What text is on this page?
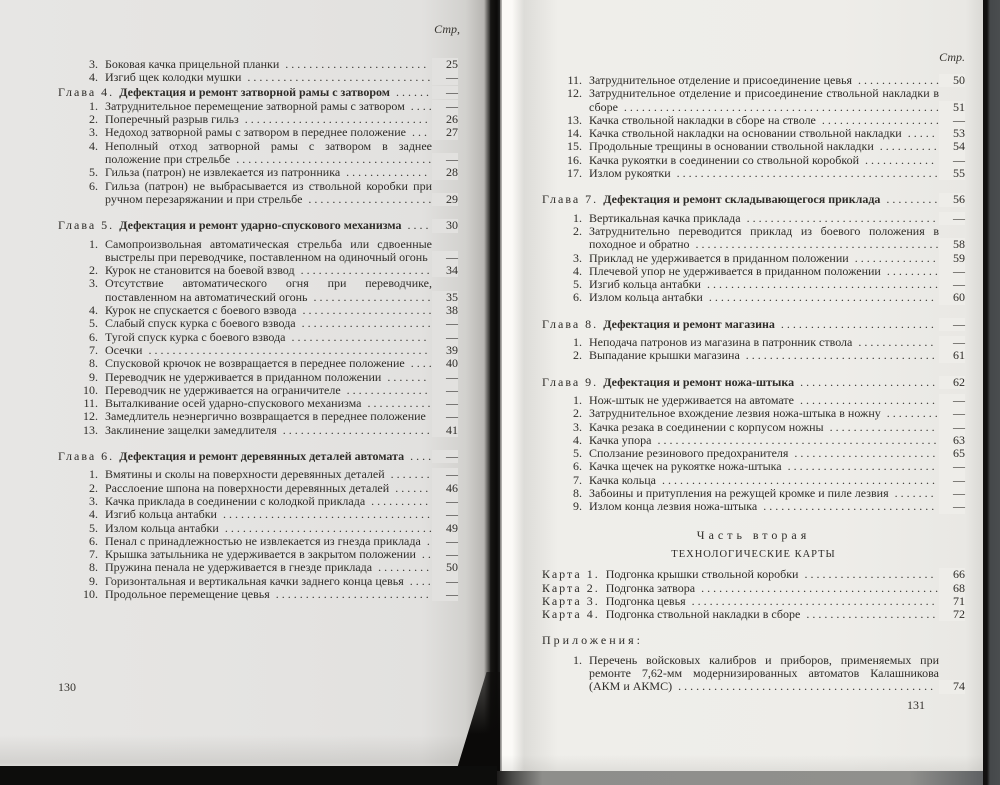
Стр,
3. Боковая качка прицельной планки  . . . . . . . . . . . . . . . . . . . . . . . .	25
4. Изгиб щек колодки мушки  . . . . . . . . . . . . . . . . . . . . . . . . . . . . . . .	—
Глава 4. Дефектация и ремонт затворной рамы с затвором  . . . . . .	—
1. Затруднительное перемещение затворной рамы с затвором  . . . .	—
2. Поперечный разрыв гильз  . . . . . . . . . . . . . . . . . . . . . . . . . . . . . . .	26
3. Недоход затворной рамы с затвором в переднее положение  . . .	27
4. Неполный отход затворной рамы с затвором в заднее положение при стрельбе  . . . . . . . . . . . . . . . . . . . . . . . . . . . . . . . . .	—
5. Гильза (патрон) не извлекается из патронника  . . . . . . . . . . . . . .	28
6. Гильза (патрон) не выбрасывается из ствольной коробки при ручном перезаряжании и при стрельбе  . . . . . . . . . . . . . . . . . . . . .	29
Глава 5. Дефектация и ремонт ударно-спускового механизма  . . . .	30
1. Самопроизвольная автоматическая стрельба или сдвоенные выстрелы при переводчике, поставленном на одиночный огонь	—
2. Курок не становится на боевой взвод  . . . . . . . . . . . . . . . . . . . . . .	34
3. Отсутствие автоматического огня при переводчике, поставленном на автоматический огонь  . . . . . . . . . . . . . . . . . . . .	35
4. Курок не спускается с боевого взвода  . . . . . . . . . . . . . . . . . . . . . .	38
5. Слабый спуск курка с боевого взвода  . . . . . . . . . . . . . . . . . . . . . .	—
6. Тугой спуск курка с боевого взвода  . . . . . . . . . . . . . . . . . . . . . . .	—
7. Осечки  . . . . . . . . . . . . . . . . . . . . . . . . . . . . . . . . . . . . . . . . . . . . . . .	39
8. Спусковой крючок не возвращается в переднее положение  . . . .	40
9. Переводчик не удерживается в приданном положении  . . . . . . .	—
10. Переводчик не удерживается на ограничителе  . . . . . . . . . . . . . .	—
11. Выталкивание осей ударно-спускового механизма  . . . . . . . . . . .	—
12. Замедлитель неэнергично возвращается в переднее положение	—
13. Заклинение защелки замедлителя  . . . . . . . . . . . . . . . . . . . . . . . . .	41
Глава 6. Дефектация и ремонт деревянных деталей автомата  . . . .	—
1. Вмятины и сколы на поверхности деревянных деталей  . . . . . . .	—
2. Расслоение шпона на поверхности деревянных деталей  . . . . . .	46
3. Качка приклада в соединении с колодкой приклада  . . . . . . . . . .	—
4. Изгиб кольца антабки  . . . . . . . . . . . . . . . . . . . . . . . . . . . . . . . . . . .	—
5. Излом кольца антабки  . . . . . . . . . . . . . . . . . . . . . . . . . . . . . . . . . . .	49
6. Пенал с принадлежностью не извлекается из гнезда приклада  .	—
7. Крышка затыльника не удерживается в закрытом положении  . .	—
8. Пружина пенала не удерживается в гнезде приклада  . . . . . . . . .	50
9. Горизонтальная и вертикальная качки заднего конца цевья  . . . .	—
10. Продольное перемещение цевья  . . . . . . . . . . . . . . . . . . . . . . . . . .	—
130
Стр.
11. Затруднительное отделение и присоединение цевья  . . . . . . . . . . . . . .	50
12. Затруднительное отделение и присоединение ствольной накладки в сборе  . . . . . . . . . . . . . . . . . . . . . . . . . . . . . . . . . . . . . . . . . . . . . . . . . . . . .	51
13. Качка ствольной накладки в сборе на стволе  . . . . . . . . . . . . . . . . . . . .	—
14. Качка ствольной накладки на основании ствольной накладки  . . . . .	53
15. Продольные трещины в основании ствольной накладки  . . . . . . . . . .	54
16. Качка рукоятки в соединении со ствольной коробкой  . . . . . . . . . . . .	—
17. Излом рукоятки  . . . . . . . . . . . . . . . . . . . . . . . . . . . . . . . . . . . . . . . . . . . .	55
Глава 7. Дефектация и ремонт складывающегося приклада  . . . . . . . . .	56
1. Вертикальная качка приклада  . . . . . . . . . . . . . . . . . . . . . . . . . . . . . . . .	—
2. Затруднительно переводится приклад из боевого положения в походное и обратно  . . . . . . . . . . . . . . . . . . . . . . . . . . . . . . . . . . . . . . . . .	58
3. Приклад не удерживается в приданном положении  . . . . . . . . . . . . . .	59
4. Плечевой упор не удерживается в приданном положении  . . . . . . . . .	—
5. Изгиб кольца антабки  . . . . . . . . . . . . . . . . . . . . . . . . . . . . . . . . . . . . . . .	—
6. Излом кольца антабки  . . . . . . . . . . . . . . . . . . . . . . . . . . . . . . . . . . . . . .	60
Глава 8. Дефектация и ремонт магазина  . . . . . . . . . . . . . . . . . . . . . . . . . .	—
1. Неподача патронов из магазина в патронник ствола  . . . . . . . . . . . . .	—
2. Выпадание крышки магазина  . . . . . . . . . . . . . . . . . . . . . . . . . . . . . . . .	61
Глава 9. Дефектация и ремонт ножа-штыка  . . . . . . . . . . . . . . . . . . . . . . .	62
1. Нож-штык не удерживается на автомате  . . . . . . . . . . . . . . . . . . . . . . .	—
2. Затруднительное вхождение лезвия ножа-штыка в ножну  . . . . . . . . .	—
3. Качка резака в соединении с корпусом ножны  . . . . . . . . . . . . . . . . . .	—
4. Качка упора  . . . . . . . . . . . . . . . . . . . . . . . . . . . . . . . . . . . . . . . . . . . . . . .	63
5. Сползание резинового предохранителя  . . . . . . . . . . . . . . . . . . . . . . . .	65
6. Качка щечек на рукоятке ножа-штыка  . . . . . . . . . . . . . . . . . . . . . . . . .	—
7. Качка кольца  . . . . . . . . . . . . . . . . . . . . . . . . . . . . . . . . . . . . . . . . . . . . . .	—
8. Забоины и притупления на режущей кромке и пиле лезвия  . . . . . . .	—
9. Излом конца лезвия ножа-штыка  . . . . . . . . . . . . . . . . . . . . . . . . . . . . .	—
Часть вторая
ТЕХНОЛОГИЧЕСКИЕ КАРТЫ
Карта 1. Подгонка крышки ствольной коробки  . . . . . . . . . . . . . . . . . . . . . .	66
Карта 2. Подгонка затвора  . . . . . . . . . . . . . . . . . . . . . . . . . . . . . . . . . . . . . . . .	68
Карта 3. Подгонка цевья  . . . . . . . . . . . . . . . . . . . . . . . . . . . . . . . . . . . . . . . . .	71
Карта 4. Подгонка ствольной накладки в сборе  . . . . . . . . . . . . . . . . . . . . . .	72
Приложения:
1. Перечень войсковых калибров и приборов, применяемых при ремонте 7,62-мм модернизированных автоматов Калашникова (АКМ и АКМС)  . . . . . . . . . . . . . . . . . . . . . . . . . . . . . . . . . . . . . . . . . . .	74
131
